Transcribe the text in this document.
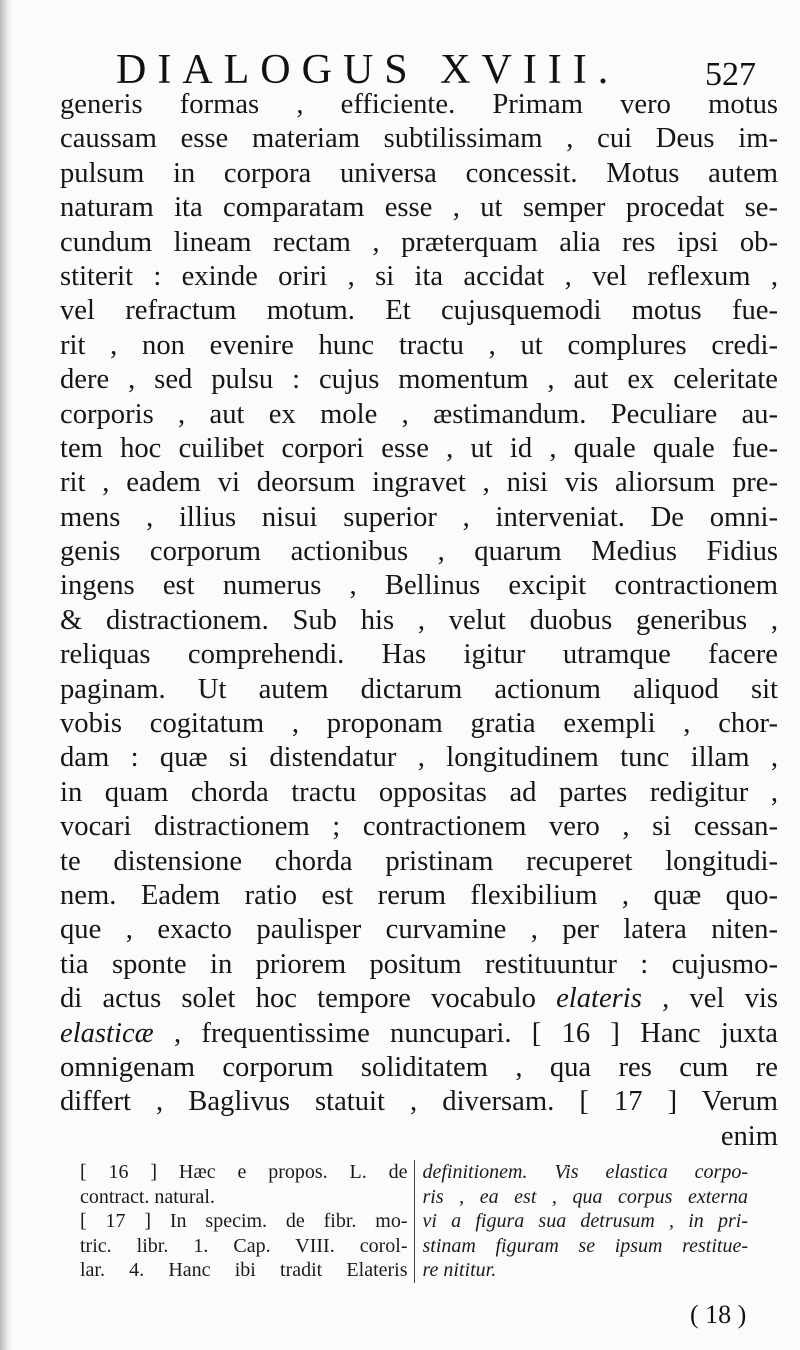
DIALOGUS XVIII.	527
generis formas , efficiente. Primam vero motus
caussam esse materiam subtilissimam , cui Deus im-
pulsum in corpora universa concessit. Motus autem
naturam ita comparatam esse , ut semper procedat se-
cundum lineam rectam , præterquam alia res ipsi ob-
stiterit : exinde oriri , si ita accidat , vel reflexum ,
vel refractum motum. Et cujusquemodi motus fue-
rit , non evenire hunc tractu , ut complures credi-
dere , sed pulsu : cujus momentum , aut ex celeritate
corporis , aut ex mole , æstimandum. Peculiare au-
tem hoc cuilibet corpori esse , ut id , quale quale fue-
rit , eadem vi deorsum ingravet , nisi vis aliorsum pre-
mens , illius nisui superior , interveniat. De omni-
genis corporum actionibus , quarum Medius Fidius
ingens est numerus , Bellinus excipit contractionem
& distractionem. Sub his , velut duobus generibus ,
reliquas comprehendi. Has igitur utramque facere
paginam. Ut autem dictarum actionum aliquod sit
vobis cogitatum , proponam gratia exempli , chor-
dam : quæ si distendatur , longitudinem tunc illam ,
in quam chorda tractu oppositas ad partes redigitur ,
vocari distractionem ; contractionem vero , si cessan-
te distensione chorda pristinam recuperet longitudi-
nem. Eadem ratio est rerum flexibilium , quæ quo-
que , exacto paulisper curvamine , per latera niten-
tia sponte in priorem positum restituuntur : cujusmo-
di actus solet hoc tempore vocabulo elateris , vel vis
elasticæ , frequentissime nuncupari. [ 16 ] Hanc juxta
omnigenam corporum soliditatem , qua res cum re
differt , Baglivus statuit , diversam. [ 17 ] Verum
enim
[ 16 ] Hæc e propos. L. de
contract. natural.
[ 17 ] In specim. de fibr. mo-
tric. libr. 1. Cap. VIII. corol-
lar. 4. Hanc ibi tradit Elateris
definitionem. Vis elastica corpo-
ris , ea est , qua corpus externa
vi a figura sua detrusum , in pri-
stinam figuram se ipsum restitue-
re nititur.
( 18 )
